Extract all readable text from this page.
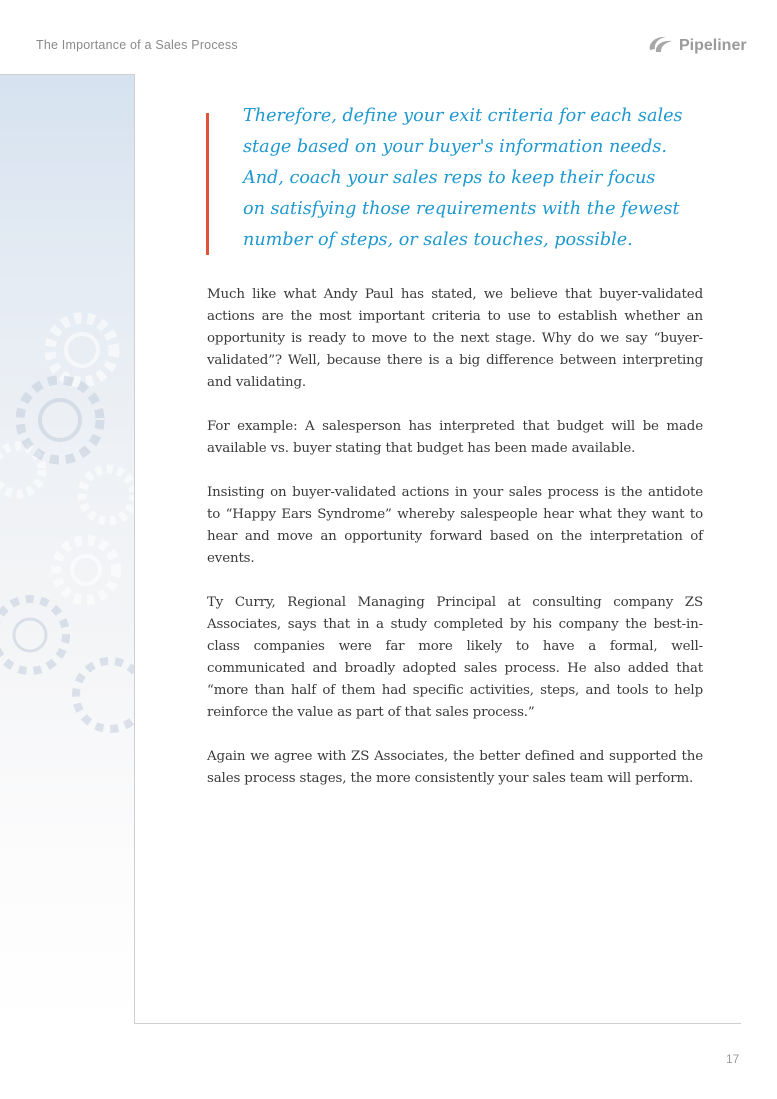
The Importance of a Sales Process	Pipeliner
Therefore, define your exit criteria for each sales
stage based on your buyer's information needs.
And, coach your sales reps to keep their focus
on satisfying those requirements with the fewest
number of steps, or sales touches, possible.

Much like what Andy Paul has stated, we believe that buyer-validated actions are the most important criteria to use to establish whether an opportunity is ready to move to the next stage. Why do we say “buyer-validated”? Well, because there is a big difference between interpreting and validating.

For example: A salesperson has interpreted that budget will be made available vs. buyer stating that budget has been made available.

Insisting on buyer-validated actions in your sales process is the antidote to “Happy Ears Syndrome” whereby salespeople hear what they want to hear and move an opportunity forward based on the interpretation of events.

Ty Curry, Regional Managing Principal at consulting company ZS Associates, says that in a study completed by his company the best-in-class companies were far more likely to have a formal, well-communicated and broadly adopted sales process. He also added that “more than half of them had specific activities, steps, and tools to help reinforce the value as part of that sales process.”

Again we agree with ZS Associates, the better defined and supported the sales process stages, the more consistently your sales team will perform.

17
